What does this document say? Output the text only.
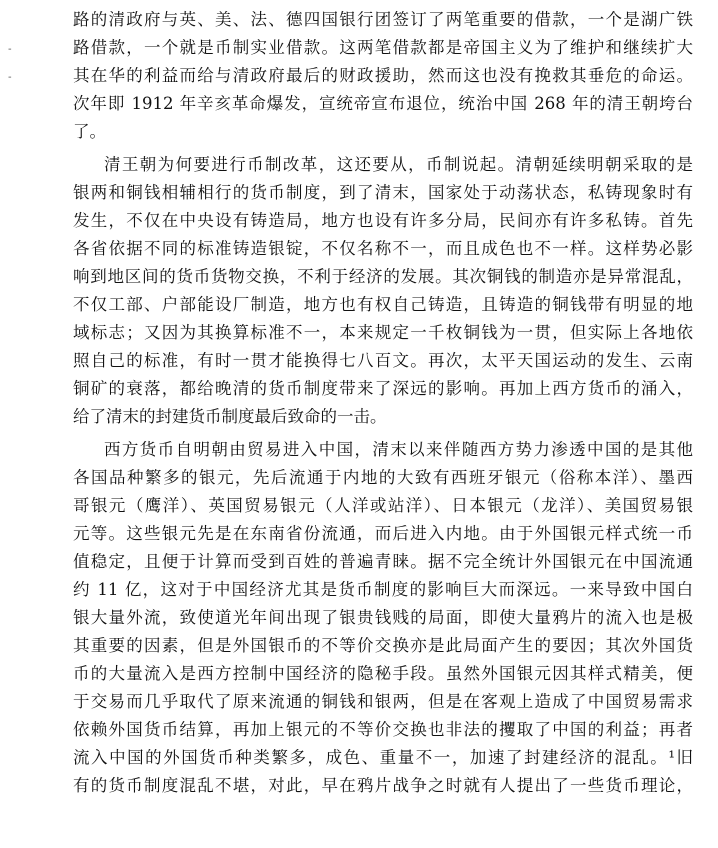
-
-
路的清政府与英、美、法、德四国银行团签订了两笔重要的借款，一个是湖广铁
路借款，一个就是币制实业借款。这两笔借款都是帝国主义为了维护和继续扩大
其在华的利益而给与清政府最后的财政援助，然而这也没有挽救其垂危的命运。
次年即 1912 年辛亥革命爆发，宣统帝宣布退位，统治中国 268 年的清王朝垮台
了。
清王朝为何要进行币制改革，这还要从，币制说起。清朝延续明朝采取的是
银两和铜钱相辅相行的货币制度，到了清末，国家处于动荡状态，私铸现象时有
发生，不仅在中央设有铸造局，地方也设有许多分局，民间亦有许多私铸。首先
各省依据不同的标准铸造银锭，不仅名称不一，而且成色也不一样。这样势必影
响到地区间的货币货物交换，不利于经济的发展。其次铜钱的制造亦是异常混乱，
不仅工部、户部能设厂制造，地方也有权自己铸造，且铸造的铜钱带有明显的地
域标志；又因为其换算标准不一，本来规定一千枚铜钱为一贯，但实际上各地依
照自己的标准，有时一贯才能换得七八百文。再次，太平天国运动的发生、云南
铜矿的衰落，都给晚清的货币制度带来了深远的影响。再加上西方货币的涌入，
给了清末的封建货币制度最后致命的一击。
西方货币自明朝由贸易进入中国，清末以来伴随西方势力渗透中国的是其他
各国品种繁多的银元，先后流通于内地的大致有西班牙银元（俗称本洋）、墨西
哥银元（鹰洋）、英国贸易银元（人洋或站洋）、日本银元（龙洋）、美国贸易银
元等。这些银元先是在东南省份流通，而后进入内地。由于外国银元样式统一币
值稳定，且便于计算而受到百姓的普遍青睐。据不完全统计外国银元在中国流通
约 11 亿，这对于中国经济尤其是货币制度的影响巨大而深远。一来导致中国白
银大量外流，致使道光年间出现了银贵钱贱的局面，即使大量鸦片的流入也是极
其重要的因素，但是外国银币的不等价交换亦是此局面产生的要因；其次外国货
币的大量流入是西方控制中国经济的隐秘手段。虽然外国银元因其样式精美，便
于交易而几乎取代了原来流通的铜钱和银两，但是在客观上造成了中国贸易需求
依赖外国货币结算，再加上银元的不等价交换也非法的攫取了中国的利益；再者
流入中国的外国货币种类繁多，成色、重量不一，加速了封建经济的混乱。¹旧
有的货币制度混乱不堪，对此，早在鸦片战争之时就有人提出了一些货币理论，
